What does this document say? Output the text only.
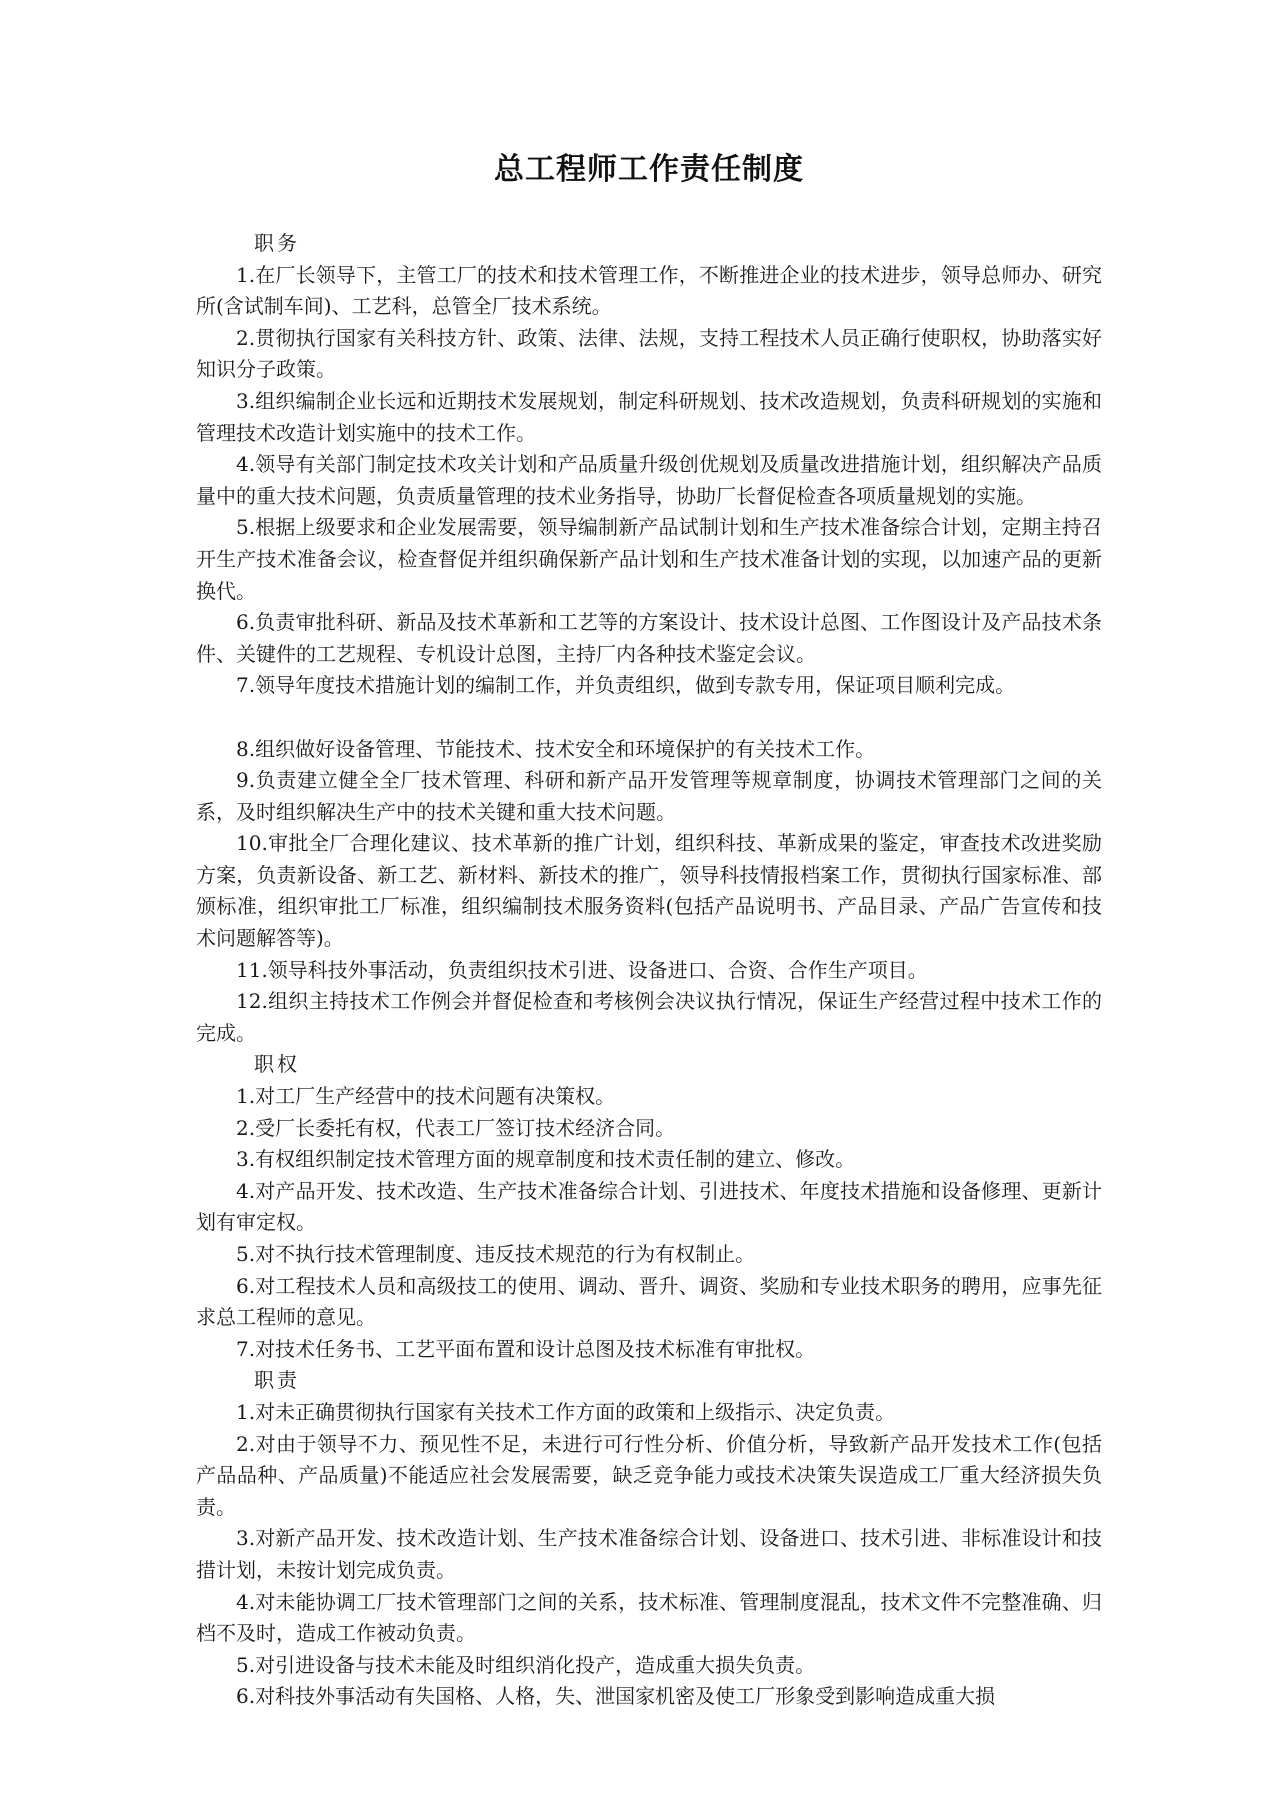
总工程师工作责任制度
职务

1.在厂长领导下，主管工厂的技术和技术管理工作，不断推进企业的技术进步，领导总师办、研究所(含试制车间)、工艺科，总管全厂技术系统。

2.贯彻执行国家有关科技方针、政策、法律、法规，支持工程技术人员正确行使职权，协助落实好知识分子政策。

3.组织编制企业长远和近期技术发展规划，制定科研规划、技术改造规划，负责科研规划的实施和管理技术改造计划实施中的技术工作。

4.领导有关部门制定技术攻关计划和产品质量升级创优规划及质量改进措施计划，组织解决产品质量中的重大技术问题，负责质量管理的技术业务指导，协助厂长督促检查各项质量规划的实施。

5.根据上级要求和企业发展需要，领导编制新产品试制计划和生产技术准备综合计划，定期主持召开生产技术准备会议，检查督促并组织确保新产品计划和生产技术准备计划的实现，以加速产品的更新换代。

6.负责审批科研、新品及技术革新和工艺等的方案设计、技术设计总图、工作图设计及产品技术条件、关键件的工艺规程、专机设计总图，主持厂内各种技术鉴定会议。

7.领导年度技术措施计划的编制工作，并负责组织，做到专款专用，保证项目顺利完成。

8.组织做好设备管理、节能技术、技术安全和环境保护的有关技术工作。

9.负责建立健全全厂技术管理、科研和新产品开发管理等规章制度，协调技术管理部门之间的关系，及时组织解决生产中的技术关键和重大技术问题。

10.审批全厂合理化建议、技术革新的推广计划，组织科技、革新成果的鉴定，审查技术改进奖励方案，负责新设备、新工艺、新材料、新技术的推广，领导科技情报档案工作，贯彻执行国家标准、部颁标准，组织审批工厂标准，组织编制技术服务资料(包括产品说明书、产品目录、产品广告宣传和技术问题解答等)。

11.领导科技外事活动，负责组织技术引进、设备进口、合资、合作生产项目。

12.组织主持技术工作例会并督促检查和考核例会决议执行情况，保证生产经营过程中技术工作的完成。

职权

1.对工厂生产经营中的技术问题有决策权。

2.受厂长委托有权，代表工厂签订技术经济合同。

3.有权组织制定技术管理方面的规章制度和技术责任制的建立、修改。

4.对产品开发、技术改造、生产技术准备综合计划、引进技术、年度技术措施和设备修理、更新计划有审定权。

5.对不执行技术管理制度、违反技术规范的行为有权制止。

6.对工程技术人员和高级技工的使用、调动、晋升、调资、奖励和专业技术职务的聘用，应事先征求总工程师的意见。

7.对技术任务书、工艺平面布置和设计总图及技术标准有审批权。

职责

1.对未正确贯彻执行国家有关技术工作方面的政策和上级指示、决定负责。

2.对由于领导不力、预见性不足，未进行可行性分析、价值分析，导致新产品开发技术工作(包括产品品种、产品质量)不能适应社会发展需要，缺乏竞争能力或技术决策失误造成工厂重大经济损失负责。

3.对新产品开发、技术改造计划、生产技术准备综合计划、设备进口、技术引进、非标准设计和技措计划，未按计划完成负责。

4.对未能协调工厂技术管理部门之间的关系，技术标准、管理制度混乱，技术文件不完整准确、归档不及时，造成工作被动负责。

5.对引进设备与技术未能及时组织消化投产，造成重大损失负责。

6.对科技外事活动有失国格、人格，失、泄国家机密及使工厂形象受到影响造成重大损
